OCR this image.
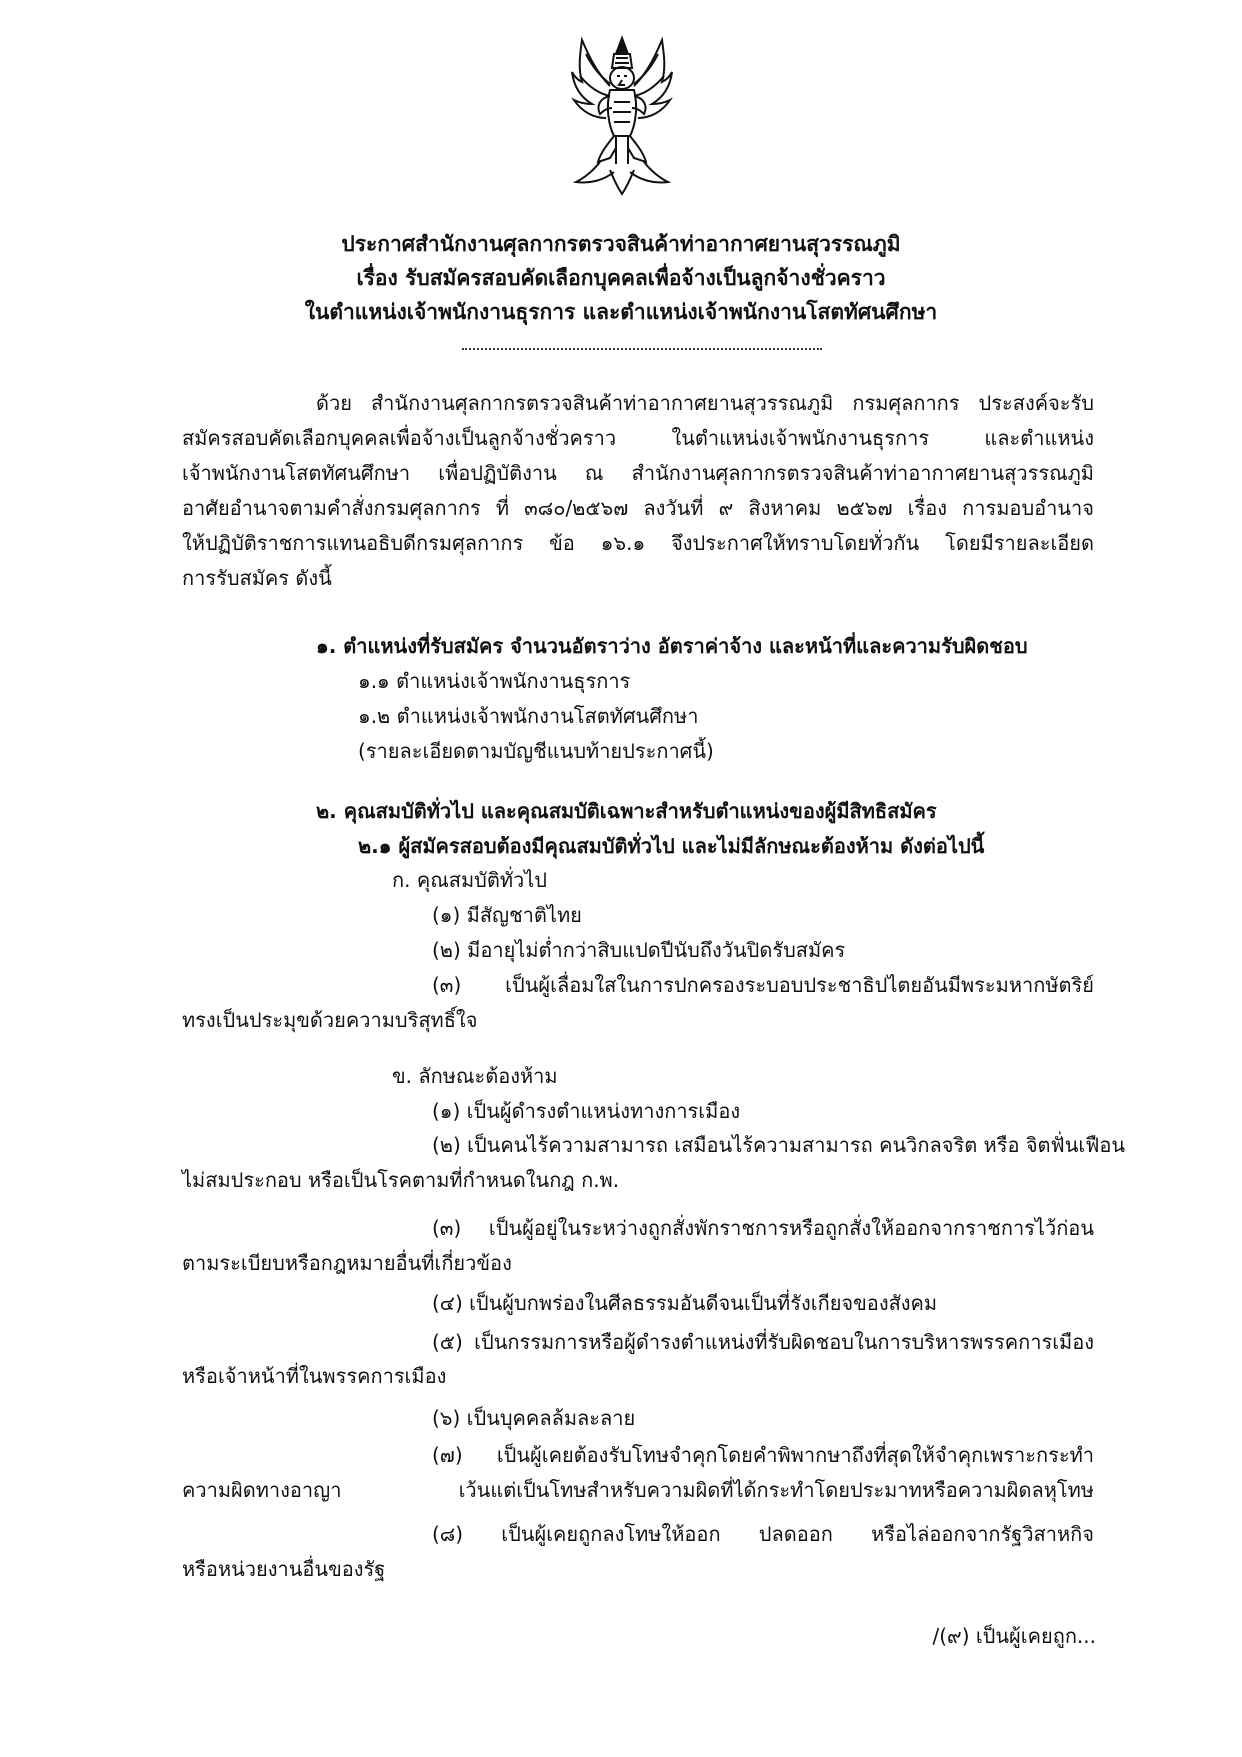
ประกาศสำนักงานศุลกากรตรวจสินค้าท่าอากาศยานสุวรรณภูมิ
เรื่อง รับสมัครสอบคัดเลือกบุคคลเพื่อจ้างเป็นลูกจ้างชั่วคราว
ในตำแหน่งเจ้าพนักงานธุรการ และตำแหน่งเจ้าพนักงานโสตทัศนศึกษา
ด้วย สำนักงานศุลกากรตรวจสินค้าท่าอากาศยานสุวรรณภูมิ กรมศุลกากร ประสงค์จะรับ
สมัครสอบคัดเลือกบุคคลเพื่อจ้างเป็นลูกจ้างชั่วคราว ในตำแหน่งเจ้าพนักงานธุรการ และตำแหน่ง
เจ้าพนักงานโสตทัศนศึกษา เพื่อปฏิบัติงาน ณ สำนักงานศุลกากรตรวจสินค้าท่าอากาศยานสุวรรณภูมิ
อาศัยอำนาจตามคำสั่งกรมศุลกากร ที่ ๓๘๐/๒๕๖๗ ลงวันที่ ๙ สิงหาคม ๒๕๖๗ เรื่อง การมอบอำนาจ
ให้ปฏิบัติราชการแทนอธิบดีกรมศุลกากร ข้อ ๑๖.๑ จึงประกาศให้ทราบโดยทั่วกัน โดยมีรายละเอียด
การรับสมัคร ดังนี้
๑. ตำแหน่งที่รับสมัคร จำนวนอัตราว่าง อัตราค่าจ้าง และหน้าที่และความรับผิดชอบ
๑.๑ ตำแหน่งเจ้าพนักงานธุรการ
๑.๒ ตำแหน่งเจ้าพนักงานโสตทัศนศึกษา
(รายละเอียดตามบัญชีแนบท้ายประกาศนี้)
๒. คุณสมบัติทั่วไป และคุณสมบัติเฉพาะสำหรับตำแหน่งของผู้มีสิทธิสมัคร
๒.๑ ผู้สมัครสอบต้องมีคุณสมบัติทั่วไป และไม่มีลักษณะต้องห้าม ดังต่อไปนี้
ก. คุณสมบัติทั่วไป
(๑) มีสัญชาติไทย
(๒) มีอายุไม่ต่ำกว่าสิบแปดปีนับถึงวันปิดรับสมัคร
(๓) เป็นผู้เลื่อมใสในการปกครองระบอบประชาธิปไตยอันมีพระมหากษัตริย์
ทรงเป็นประมุขด้วยความบริสุทธิ์ใจ
ข. ลักษณะต้องห้าม
(๑) เป็นผู้ดำรงตำแหน่งทางการเมือง
(๒) เป็นคนไร้ความสามารถ เสมือนไร้ความสามารถ คนวิกลจริต หรือ จิตฟั่นเฟือน
ไม่สมประกอบ หรือเป็นโรคตามที่กำหนดในกฎ ก.พ.
(๓) เป็นผู้อยู่ในระหว่างถูกสั่งพักราชการหรือถูกสั่งให้ออกจากราชการไว้ก่อน
ตามระเบียบหรือกฎหมายอื่นที่เกี่ยวข้อง
(๔) เป็นผู้บกพร่องในศีลธรรมอันดีจนเป็นที่รังเกียจของสังคม
(๕) เป็นกรรมการหรือผู้ดำรงตำแหน่งที่รับผิดชอบในการบริหารพรรคการเมือง
หรือเจ้าหน้าที่ในพรรคการเมือง
(๖) เป็นบุคคลล้มละลาย
(๗) เป็นผู้เคยต้องรับโทษจำคุกโดยคำพิพากษาถึงที่สุดให้จำคุกเพราะกระทำ
ความผิดทางอาญา เว้นแต่เป็นโทษสำหรับความผิดที่ได้กระทำโดยประมาทหรือความผิดลหุโทษ
(๘) เป็นผู้เคยถูกลงโทษให้ออก ปลดออก หรือไล่ออกจากรัฐวิสาหกิจ
หรือหน่วยงานอื่นของรัฐ
/(๙) เป็นผู้เคยถูก...
